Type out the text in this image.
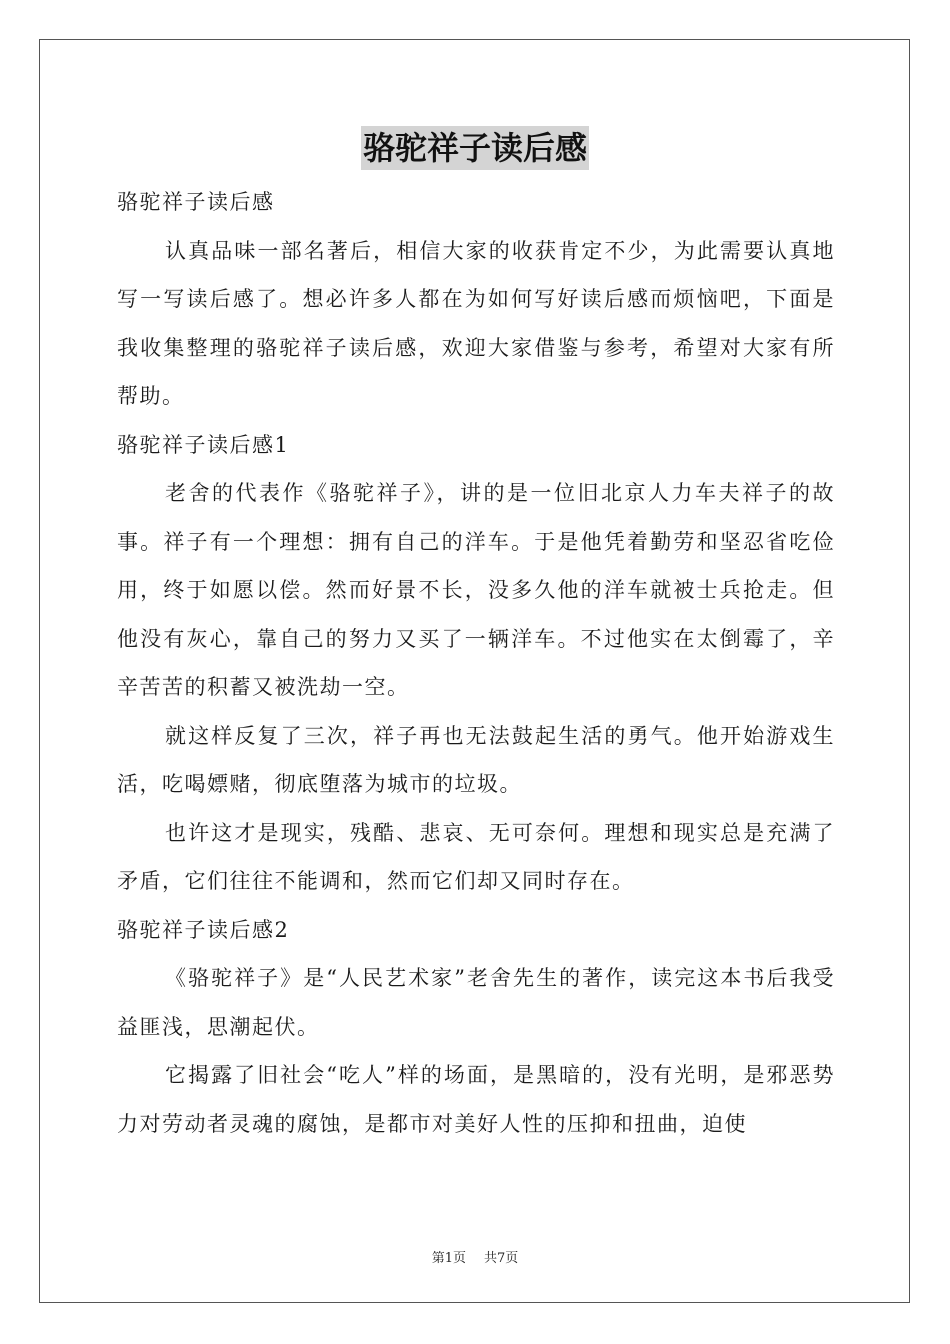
骆驼祥子读后感

骆驼祥子读后感

认真品味一部名著后，相信大家的收获肯定不少，为此需要认真地写一写读后感了。想必许多人都在为如何写好读后感而烦恼吧，下面是我收集整理的骆驼祥子读后感，欢迎大家借鉴与参考，希望对大家有所帮助。

骆驼祥子读后感1

老舍的代表作《骆驼祥子》，讲的是一位旧北京人力车夫祥子的故事。祥子有一个理想：拥有自己的洋车。于是他凭着勤劳和坚忍省吃俭用，终于如愿以偿。然而好景不长，没多久他的洋车就被士兵抢走。但他没有灰心，靠自己的努力又买了一辆洋车。不过他实在太倒霉了，辛辛苦苦的积蓄又被洗劫一空。

就这样反复了三次，祥子再也无法鼓起生活的勇气。他开始游戏生活，吃喝嫖赌，彻底堕落为城市的垃圾。

也许这才是现实，残酷、悲哀、无可奈何。理想和现实总是充满了矛盾，它们往往不能调和，然而它们却又同时存在。

骆驼祥子读后感2

《骆驼祥子》是“人民艺术家”老舍先生的著作，读完这本书后我受益匪浅，思潮起伏。

它揭露了旧社会“吃人”样的场面，是黑暗的，没有光明，是邪恶势力对劳动者灵魂的腐蚀，是都市对美好人性的压抑和扭曲，迫使

第1页 共7页
